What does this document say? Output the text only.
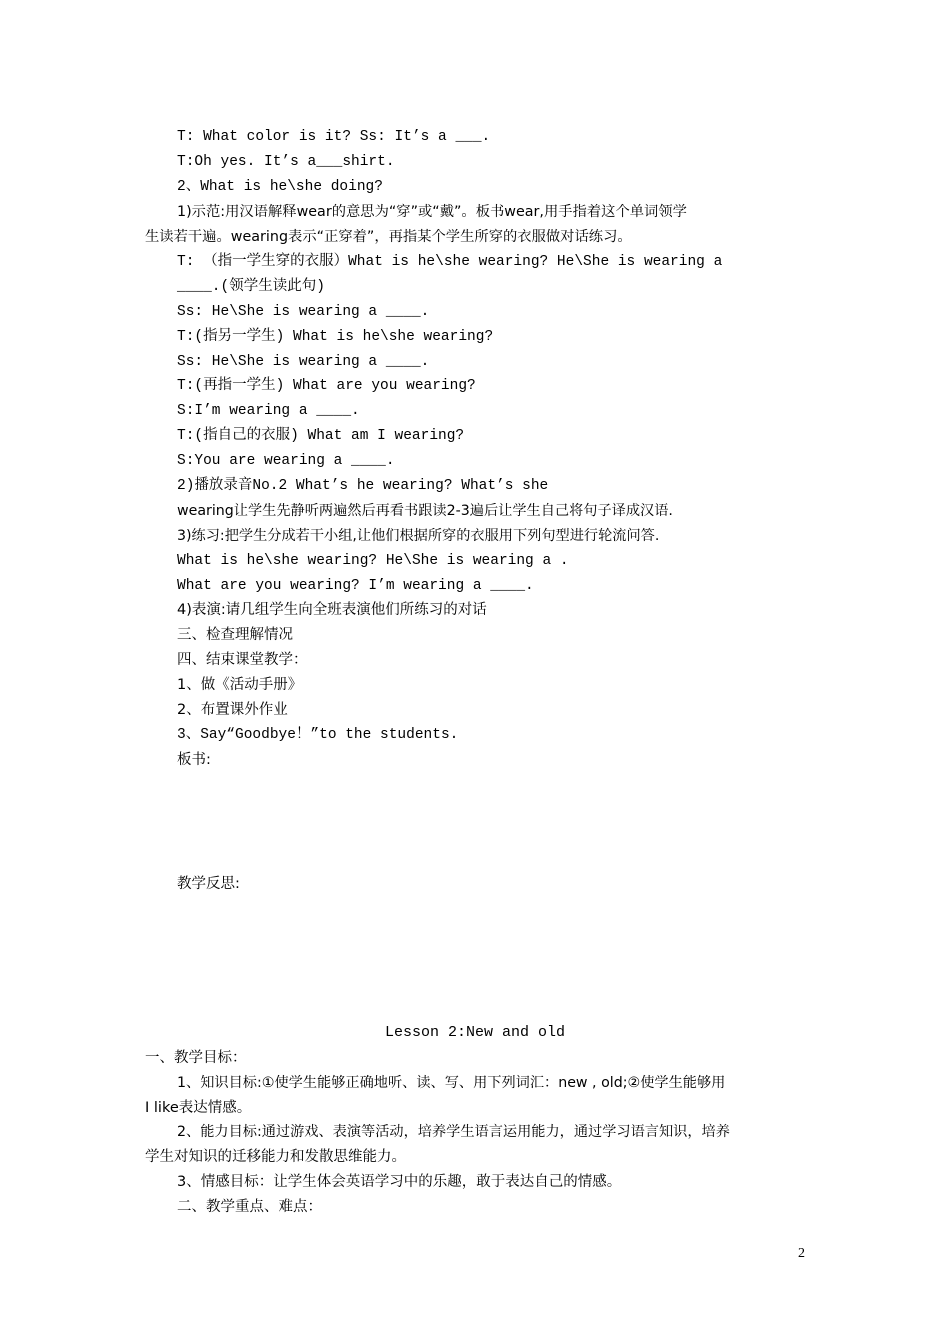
T: What color is it? Ss: It’s a ___.
T:Oh yes. It’s a___shirt.
2、What is he\she doing?
1)示范:用汉语解释wear的意思为“穿”或“戴”。板书wear,用手指着这个单词领学
生读若干遍。wearing表示“正穿着”，再指某个学生所穿的衣服做对话练习。
T: （指一学生穿的衣服）What is he\she wearing? He\She is wearing a
____.(领学生读此句)
Ss: He\She is wearing a ____.
T:(指另一学生) What is he\she wearing?
Ss: He\She is wearing a ____.
T:(再指一学生) What are you wearing?
S:I’m wearing a ____.
T:(指自己的衣服) What am I wearing?
S:You are wearing a ____.
2)播放录音No.2 What’s he wearing? What’s she
wearing让学生先静听两遍然后再看书跟读2-3遍后让学生自己将句子译成汉语.
3)练习:把学生分成若干小组,让他们根据所穿的衣服用下列句型进行轮流问答.
What is he\she wearing? He\She is wearing a .
What are you wearing? I’m wearing a ____.
4)表演:请几组学生向全班表演他们所练习的对话
三、检查理解情况
四、结束课堂教学：
1、做《活动手册》
2、布置课外作业
3、Say“Goodbye！”to the students.
板书:
教学反思:
Lesson 2:New and old
一、教学目标：
1、知识目标:①使学生能够正确地听、读、写、用下列词汇：new , old;②使学生能够用
I like表达情感。
2、能力目标:通过游戏、表演等活动，培养学生语言运用能力，通过学习语言知识，培养
学生对知识的迁移能力和发散思维能力。
3、情感目标：让学生体会英语学习中的乐趣，敢于表达自己的情感。
二、教学重点、难点：
2
